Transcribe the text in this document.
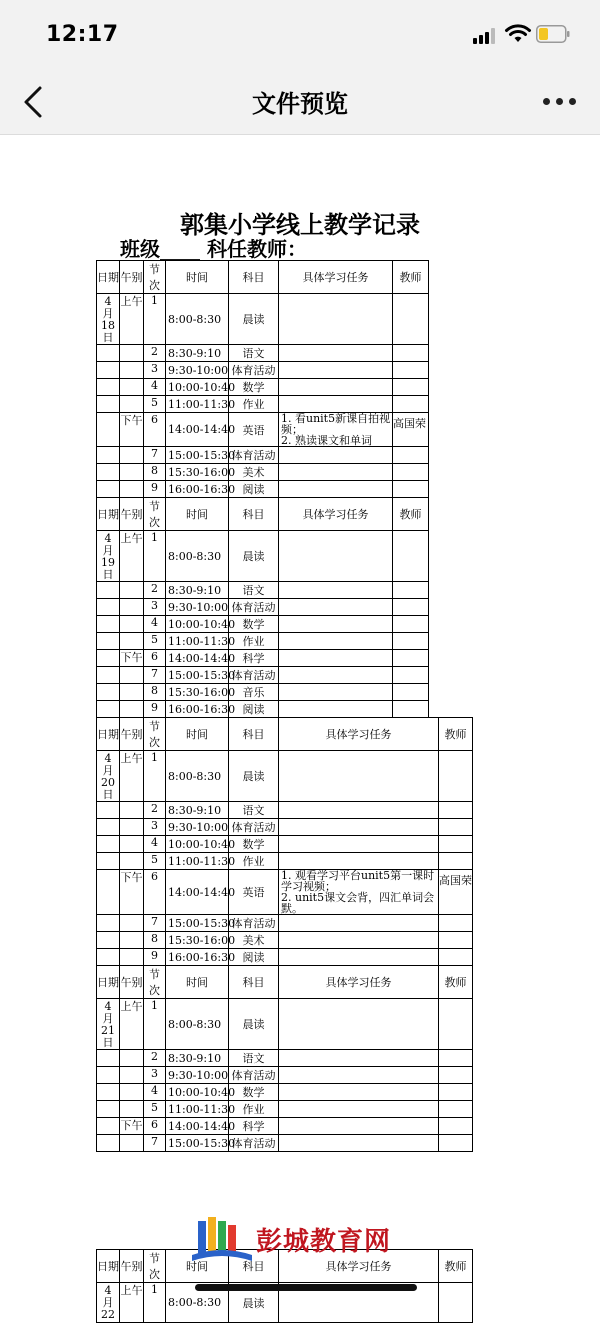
12:17
文件预览
郭集小学线上教学记录
班级____ 科任教师：
日期	午别	节次	时间	科目	具体学习任务	教师
4
月
18日	上午	1	8:00-8:30	晨读		
		2	8:30-9:10	语文		
		3	9:30-10:00	体育活动		
		4	10:00-10:40	数学		
		5	11:00-11:30	作业		
	下午	6	14:00-14:40	英语	1. 看unit5新课自拍视频；
2. 熟读课文和单词	高国荣
		7	15:00-15:30	体育活动		
		8	15:30-16:00	美术		
		9	16:00-16:30	阅读		
日期	午别	节次	时间	科目	具体学习任务	教师
4
月
19日	上午	1	8:00-8:30	晨读		
		2	8:30-9:10	语文		
		3	9:30-10:00	体育活动		
		4	10:00-10:40	数学		
		5	11:00-11:30	作业		
	下午	6	14:00-14:40	科学		
		7	15:00-15:30	体育活动		
		8	15:30-16:00	音乐		
		9	16:00-16:30	阅读		
日期	午别	节次	时间	科目	具体学习任务	教师
4
月
20日	上午	1	8:00-8:30	晨读		
		2	8:30-9:10	语文		
		3	9:30-10:00	体育活动		
		4	10:00-10:40	数学		
		5	11:00-11:30	作业		
	下午	6	14:00-14:40	英语	1. 观看学习平台unit5第一课时学习视频；
2. unit5课文会背，四汇单词会默。	高国荣
		7	15:00-15:30	体育活动		
		8	15:30-16:00	美术		
		9	16:00-16:30	阅读		
日期	午别	节次	时间	科目	具体学习任务	教师
4
月
21
日	上午	1	8:00-8:30	晨读		
		2	8:30-9:10	语文		
		3	9:30-10:00	体育活动		
		4	10:00-10:40	数学		
		5	11:00-11:30	作业		
	下午	6	14:00-14:40	科学		
		7	15:00-15:30	体育活动		
日期	午别	节次	时间	科目	具体学习任务	教师
4
月
22	上午	1	8:00-8:30	晨读		
彭城教育网
